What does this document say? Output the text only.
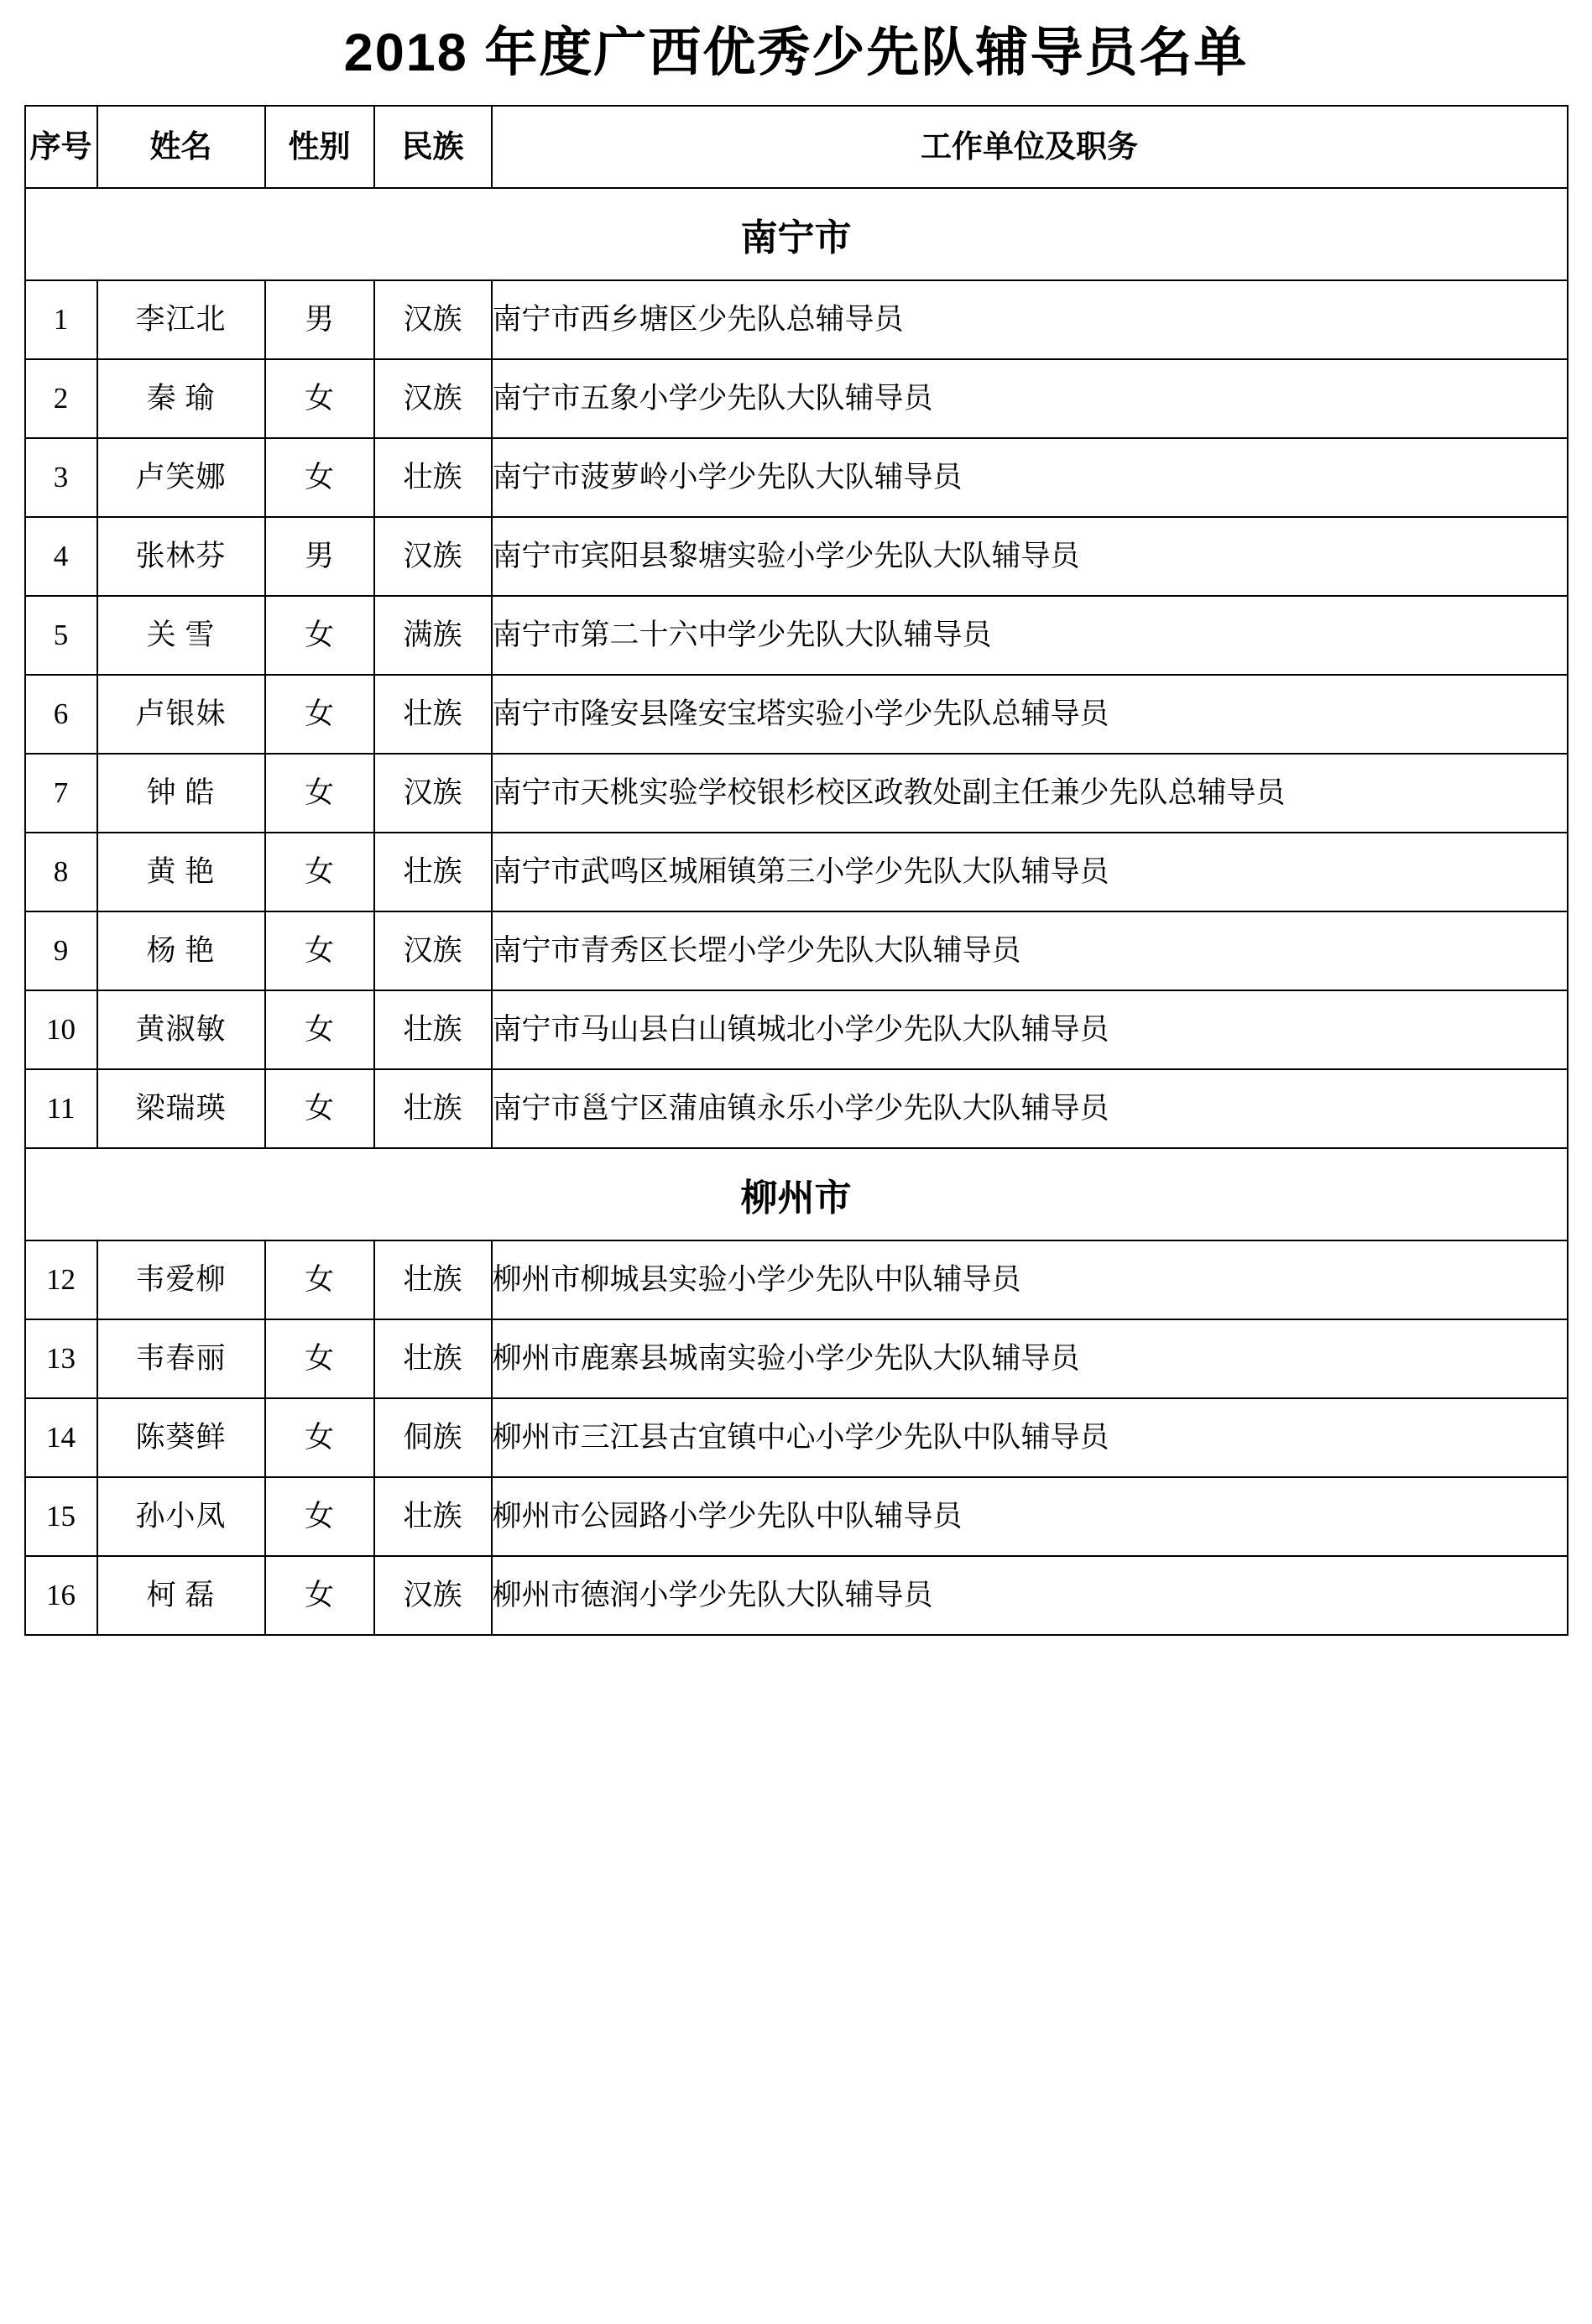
2018 年度广西优秀少先队辅导员名单
序号	姓名	性别	民族	工作单位及职务
南宁市				
1	李江北	男	汉族	南宁市西乡塘区少先队总辅导员
2	秦 瑜	女	汉族	南宁市五象小学少先队大队辅导员
3	卢笑娜	女	壮族	南宁市菠萝岭小学少先队大队辅导员
4	张林芬	男	汉族	南宁市宾阳县黎塘实验小学少先队大队辅导员
5	关 雪	女	满族	南宁市第二十六中学少先队大队辅导员
6	卢银妹	女	壮族	南宁市隆安县隆安宝塔实验小学少先队总辅导员
7	钟 皓	女	汉族	南宁市天桃实验学校银杉校区政教处副主任兼少先队总辅导员
8	黄 艳	女	壮族	南宁市武鸣区城厢镇第三小学少先队大队辅导员
9	杨 艳	女	汉族	南宁市青秀区长堽小学少先队大队辅导员
10	黄淑敏	女	壮族	南宁市马山县白山镇城北小学少先队大队辅导员
11	梁瑞瑛	女	壮族	南宁市邕宁区蒲庙镇永乐小学少先队大队辅导员
柳州市				
12	韦爱柳	女	壮族	柳州市柳城县实验小学少先队中队辅导员
13	韦春丽	女	壮族	柳州市鹿寨县城南实验小学少先队大队辅导员
14	陈葵鲜	女	侗族	柳州市三江县古宜镇中心小学少先队中队辅导员
15	孙小凤	女	壮族	柳州市公园路小学少先队中队辅导员
16	柯 磊	女	汉族	柳州市德润小学少先队大队辅导员
